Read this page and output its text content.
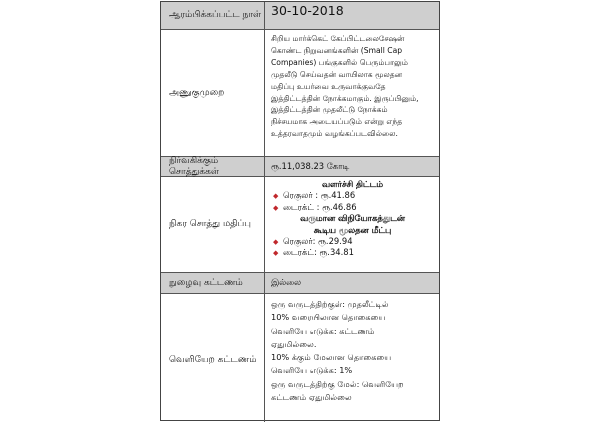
ஆரம்பிக்கப்பட்ட நாள் 30-10-2018
அணுகுமுறை

சிறிய மார்க்கெட் கேப்பிட்டலைசேஷன்

கொண்ட நிறுவனங்களின் (Small Cap

Companies) பங்குகளில் பெரும்பாலும்

முதலீடு செய்வதன் வாயிலாக மூலதன

மதிப்பு உயர்வை உருவாக்குவதே

இத்திட்டத்தின் நோக்கமாகும். இருப்பினும்,

இத்திட்டத்தின் முதலீட்டு நோக்கம்

நிச்சயமாக அடையப்படும் என்று எந்த

உத்தரவாதமும் வழங்கப்படவில்லை.

நிர்வகிக்கும் சொத்துக்கள்
ரூ.11,038.23 கோடி
நிகர சொத்து மதிப்பு
வளர்ச்சி திட்டம்
◆ ரெகுலர் : ரூ.41.86
◆ டைரக்ட் : ரூ.46.86
வருமான விநியோகத்துடன்
கூடிய மூலதன மீட்பு
◆ ரெகுலர்: ரூ.29.94
◆ டைரக்ட்: ரூ.34.81
நுழைவு கட்டணம்	இல்லை
வெளியேற கட்டணம்
ஒரு வருடத்திற்குள்: முதலீட்டில்
10% வரையிலான தொகையை
வெளியே எடுக்க: கட்டணம்
ஏதுமில்லை.
10% க்கும் மேலான தொகையை
வெளியே எடுக்க: 1%
ஒரு வருடத்திற்கு மேல்: வெளியேற
கட்டணம் ஏதுமில்லை
